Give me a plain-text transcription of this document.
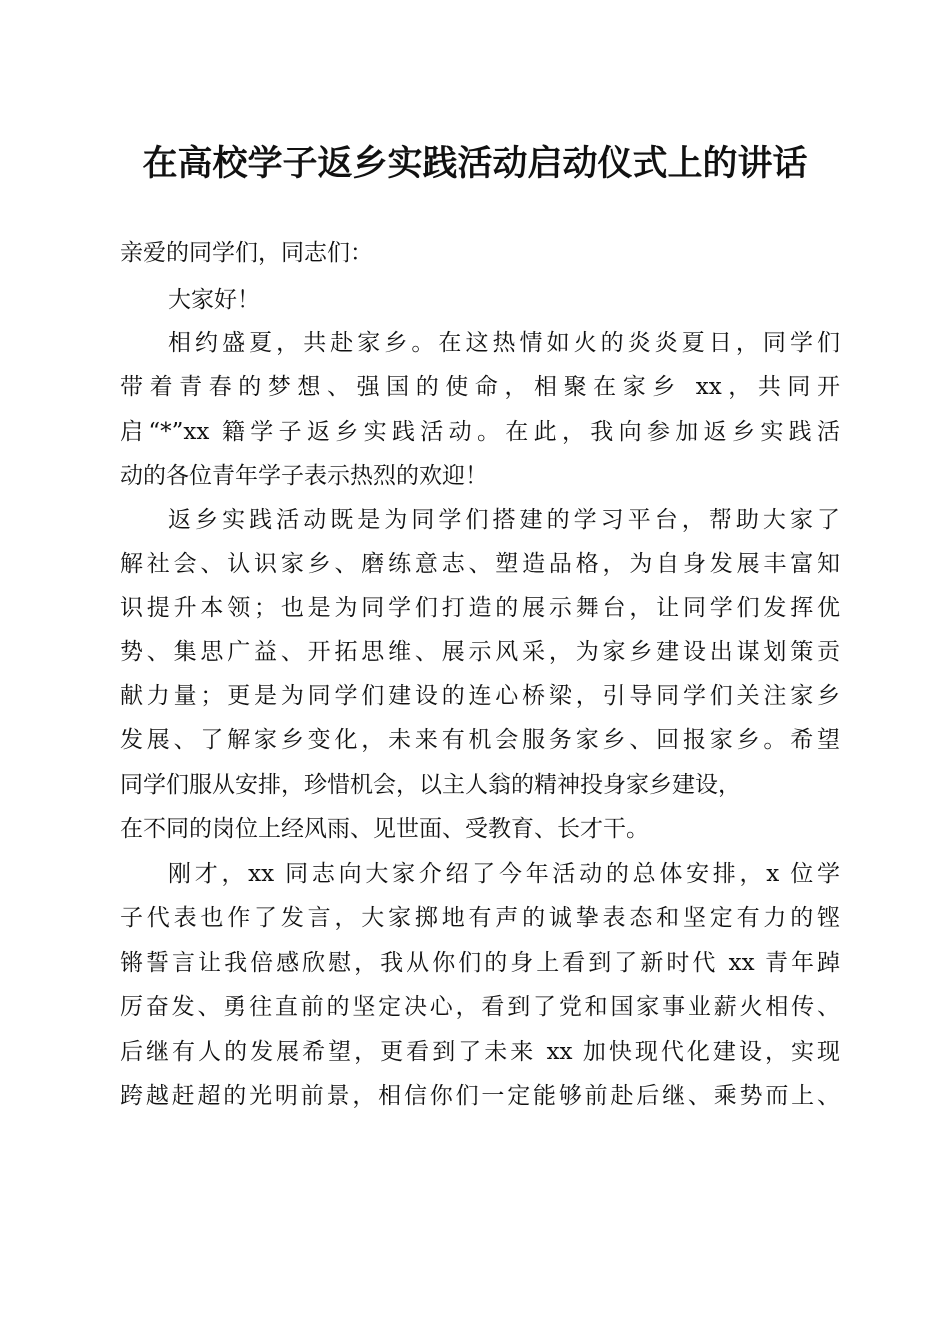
在高校学子返乡实践活动启动仪式上的讲话
亲爱的同学们，同志们：
大家好！
相约盛夏，共赴家乡。在这热情如火的炎炎夏日，同学们
带着青春的梦想、强国的使命，相聚在家乡 xx，共同开
启“*”xx 籍学子返乡实践活动。在此，我向参加返乡实践活
动的各位青年学子表示热烈的欢迎！
返乡实践活动既是为同学们搭建的学习平台，帮助大家了
解社会、认识家乡、磨练意志、塑造品格，为自身发展丰富知
识提升本领；也是为同学们打造的展示舞台，让同学们发挥优
势、集思广益、开拓思维、展示风采，为家乡建设出谋划策贡
献力量；更是为同学们建设的连心桥梁，引导同学们关注家乡
发展、了解家乡变化，未来有机会服务家乡、回报家乡。希望
同学们服从安排，珍惜机会，以主人翁的精神投身家乡建设，
在不同的岗位上经风雨、见世面、受教育、长才干。
刚才，xx 同志向大家介绍了今年活动的总体安排，x 位学
子代表也作了发言，大家掷地有声的诚挚表态和坚定有力的铿
锵誓言让我倍感欣慰，我从你们的身上看到了新时代 xx 青年踔
厉奋发、勇往直前的坚定决心，看到了党和国家事业薪火相传、
后继有人的发展希望，更看到了未来 xx 加快现代化建设，实现
跨越赶超的光明前景，相信你们一定能够前赴后继、乘势而上、
